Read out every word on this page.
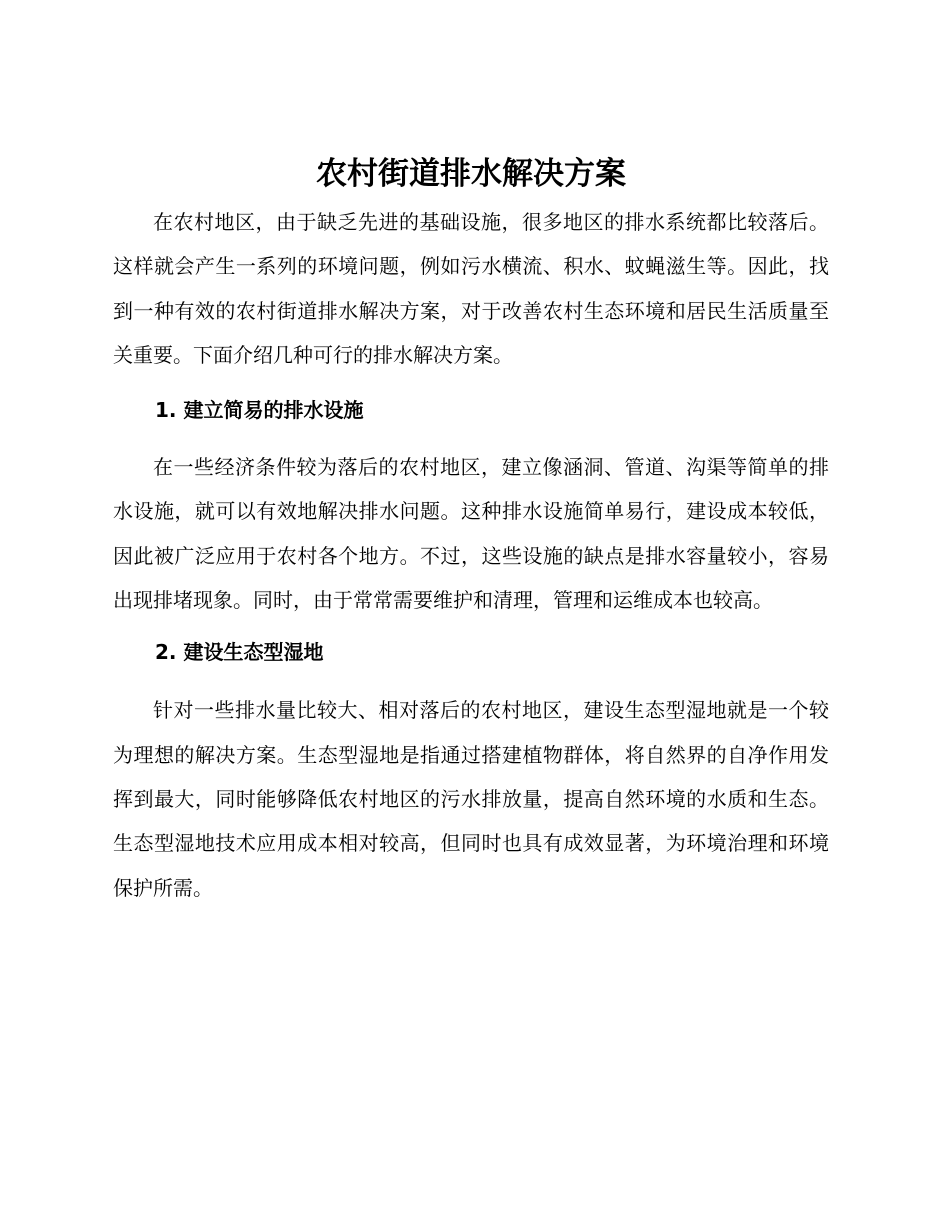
农村街道排水解决方案

在农村地区，由于缺乏先进的基础设施，很多地区的排水系统都比较落后。这样就会产生一系列的环境问题，例如污水横流、积水、蚊蝇滋生等。因此，找到一种有效的农村街道排水解决方案，对于改善农村生态环境和居民生活质量至关重要。下面介绍几种可行的排水解决方案。

1. 建立简易的排水设施

在一些经济条件较为落后的农村地区，建立像涵洞、管道、沟渠等简单的排水设施，就可以有效地解决排水问题。这种排水设施简单易行，建设成本较低，因此被广泛应用于农村各个地方。不过，这些设施的缺点是排水容量较小，容易出现排堵现象。同时，由于常常需要维护和清理，管理和运维成本也较高。

2. 建设生态型湿地

针对一些排水量比较大、相对落后的农村地区，建设生态型湿地就是一个较为理想的解决方案。生态型湿地是指通过搭建植物群体，将自然界的自净作用发挥到最大，同时能够降低农村地区的污水排放量，提高自然环境的水质和生态。生态型湿地技术应用成本相对较高，但同时也具有成效显著，为环境治理和环境保护所需。
